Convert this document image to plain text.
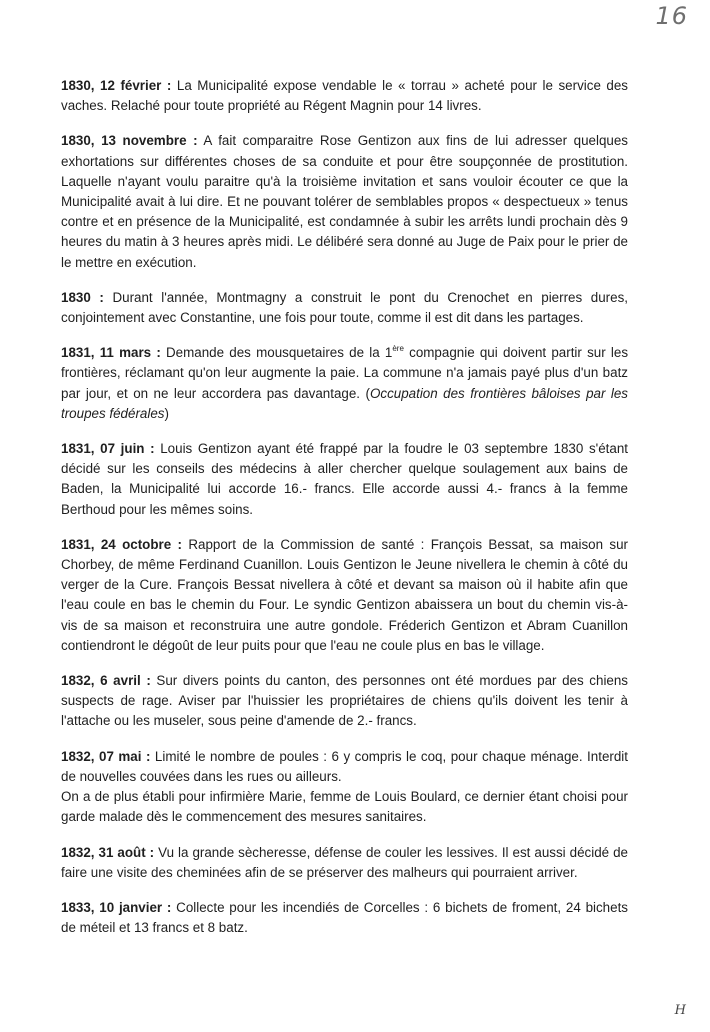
16

1830, 12 février : La Municipalité expose vendable le « torrau » acheté pour le service des vaches. Relaché pour toute propriété au Régent Magnin pour 14 livres.

1830, 13 novembre : A fait comparaitre Rose Gentizon aux fins de lui adresser quelques exhortations sur différentes choses de sa conduite et pour être soupçonnée de prostitution. Laquelle n'ayant voulu paraitre qu'à la troisième invitation et sans vouloir écouter ce que la Municipalité avait à lui dire. Et ne pouvant tolérer de semblables propos « despectueux » tenus contre et en présence de la Municipalité, est condamnée à subir les arrêts lundi prochain dès 9 heures du matin à 3 heures après midi. Le délibéré sera donné au Juge de Paix pour le prier de le mettre en exécution.

1830 : Durant l'année, Montmagny a construit le pont du Crenochet en pierres dures, conjointement avec Constantine, une fois pour toute, comme il est dit dans les partages.

1831, 11 mars : Demande des mousquetaires de la 1ère compagnie qui doivent partir sur les frontières, réclamant qu'on leur augmente la paie. La commune n'a jamais payé plus d'un batz par jour, et on ne leur accordera pas davantage. (Occupation des frontières bâloises par les troupes fédérales)

1831, 07 juin : Louis Gentizon ayant été frappé par la foudre le 03 septembre 1830 s'étant décidé sur les conseils des médecins à aller chercher quelque soulagement aux bains de Baden, la Municipalité lui accorde 16.- francs. Elle accorde aussi 4.- francs à la femme Berthoud pour les mêmes soins.

1831, 24 octobre : Rapport de la Commission de santé : François Bessat, sa maison sur Chorbey, de même Ferdinand Cuanillon. Louis Gentizon le Jeune nivellera le chemin à côté du verger de la Cure. François Bessat nivellera à côté et devant sa maison où il habite afin que l'eau coule en bas le chemin du Four. Le syndic Gentizon abaissera un bout du chemin vis-à-vis de sa maison et reconstruira une autre gondole. Fréderich Gentizon et Abram Cuanillon contiendront le dégoût de leur puits pour que l'eau ne coule plus en bas le village.

1832, 6 avril : Sur divers points du canton, des personnes ont été mordues par des chiens suspects de rage. Aviser par l'huissier les propriétaires de chiens qu'ils doivent les tenir à l'attache ou les museler, sous peine d'amende de 2.- francs.

1832, 07 mai : Limité le nombre de poules : 6 y compris le coq, pour chaque ménage. Interdit de nouvelles couvées dans les rues ou ailleurs.
On a de plus établi pour infirmière Marie, femme de Louis Boulard, ce dernier étant choisi pour garde malade dès le commencement des mesures sanitaires.

1832, 31 août : Vu la grande sècheresse, défense de couler les lessives. Il est aussi décidé de faire une visite des cheminées afin de se préserver des malheurs qui pourraient arriver.

1833, 10 janvier : Collecte pour les incendiés de Corcelles : 6 bichets de froment, 24 bichets de méteil et 13 francs et 8 batz.

H
